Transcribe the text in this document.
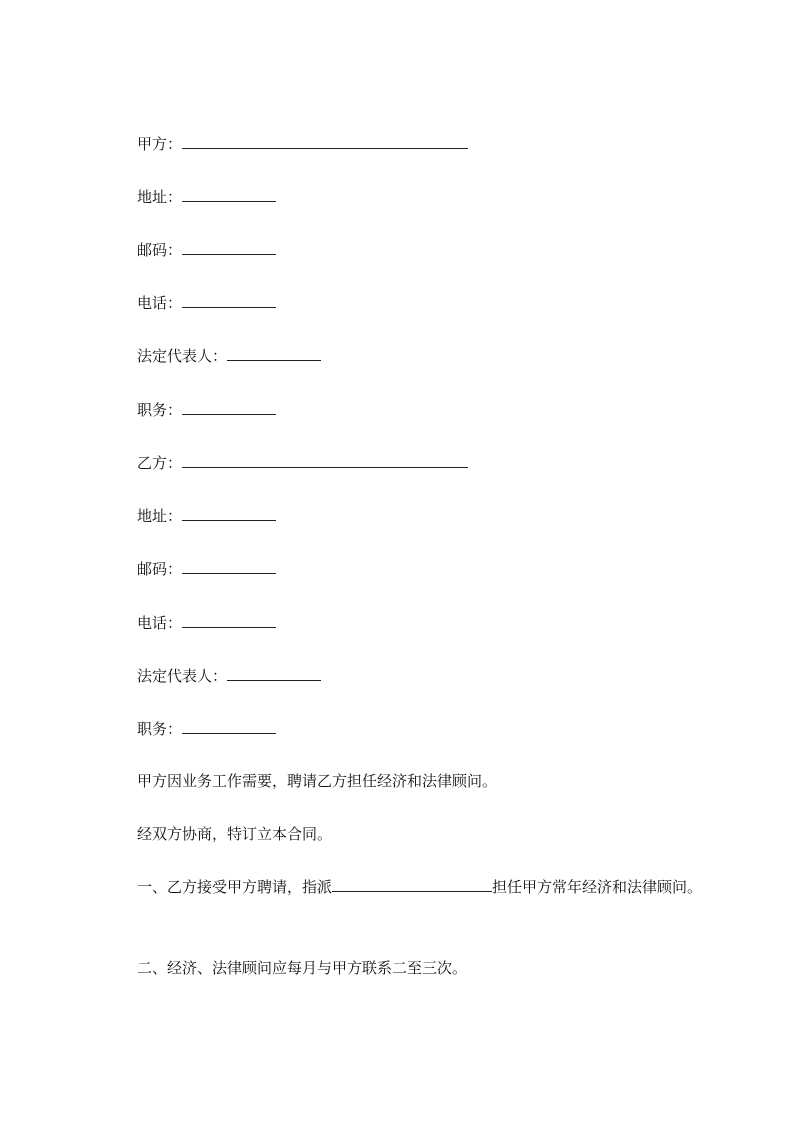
甲方：
地址：
邮码：
电话：
法定代表人：
职务：
乙方：
地址：
邮码：
电话：
法定代表人：
职务：
甲方因业务工作需要，聘请乙方担任经济和法律顾问。
经双方协商，特订立本合同。
一、乙方接受甲方聘请，指派	担任甲方常年经济和法律顾问。
二、经济、法律顾问应每月与甲方联系二至三次。
